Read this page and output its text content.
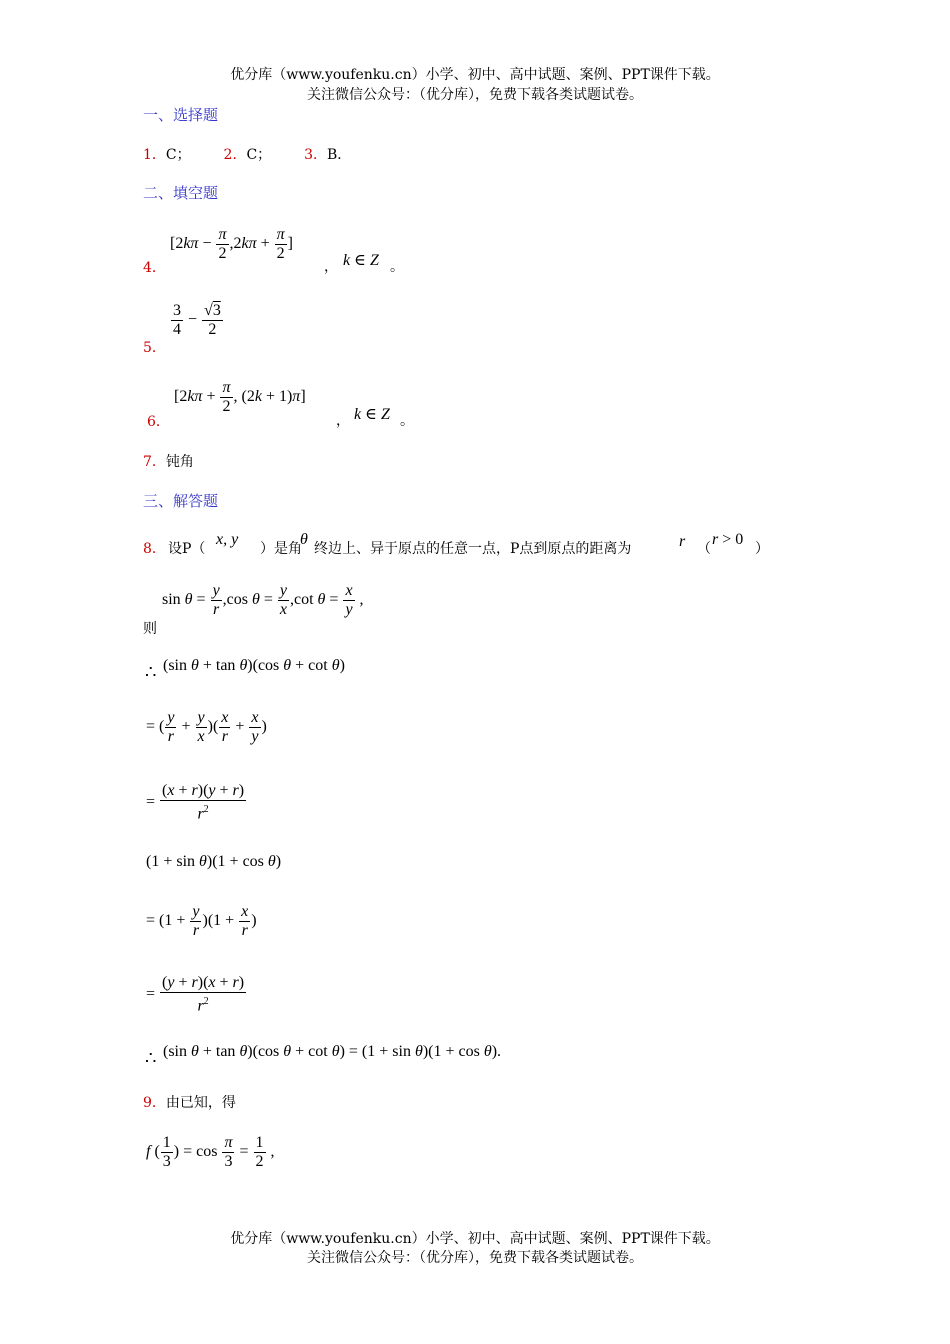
优分库（www.youfenku.cn）小学、初中、高中试题、案例、PPT课件下载。
关注微信公众号：（优分库），免费下载各类试题试卷。
一、选择题
1．C； 2．C； 3．B．
二、填空题
4．
[$2k\pi - \frac{\pi}{2} ,2k\pi + \frac{\pi}{2}$ ]
， k ∈ Z 。
5．
$\frac{3}{4} - \frac{√3}{2}$
6．
[$2k\pi + \frac{\pi}{2}$ , (2k + 1)π]
， k ∈ Z 。
7．钝角
三、解答题
8． 设P（
x, y
）是角
θ
终边上、异于原点的任意一点，P点到原点的距离为	r （
r > 0
）
则
$\sin \theta = \frac{y}{r} ,\cos$ $\theta = \frac{y}{x} ,\cot$ $\theta = \frac{x}{y}$ ,
∴ (sin θ + tan θ)(cos θ + cot θ)
= ( $\frac{y}{r} + \frac{y}{x}$ )( $\frac{x}{r} + \frac{x}{y}$ )
= $\frac{(x + r)(y + r)}{r^2}$
(1 + sin θ)(1 + cos θ)
= $(1 + \frac{y}{r} )(1 + \frac{x}{r}$ )
= $\frac{(y + r)(x + r)}{r^2}$
∴ (sin θ + tan θ)(cos θ + cot θ) = (1 + sin θ)(1 + cos θ).
9．由已知，得
f ( $\frac{1}{3}$ ) = $\cos \frac{\pi}{3} = \frac{1}{2}$ ,
优分库（www.youfenku.cn）小学、初中、高中试题、案例、PPT课件下载。
关注微信公众号：（优分库），免费下载各类试题试卷。
